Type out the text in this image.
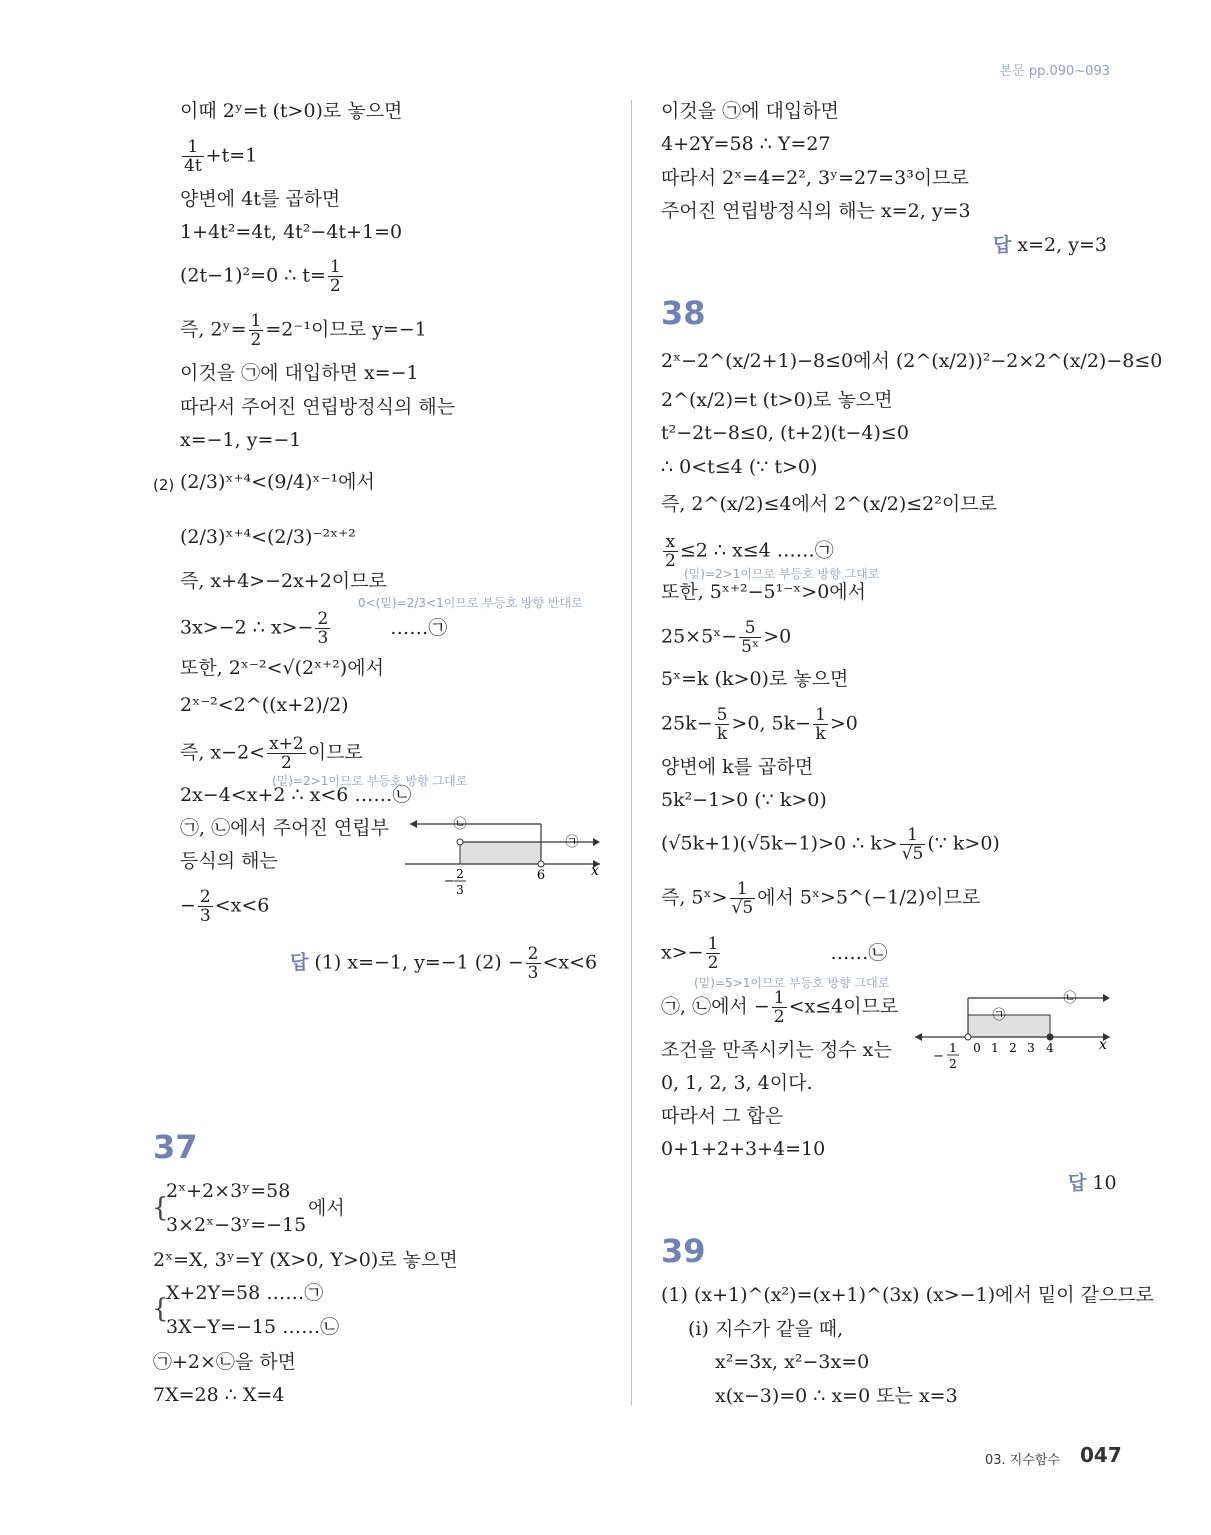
본문 pp.090~093
이때 2ʸ=t (t>0)로 놓으면
$\frac{1}{4t} +t=1$
양변에 4t를 곱하면
1+4t²=4t, 4t²−4t+1=0
(2t−1)²=0 ∴ $t= \frac{1}{2}$
즉, 2ʸ= $\frac{1}{2} =2^{-1}$이므로 y=−1
이것을 ㉠에 대입하면 x=−1
따라서 주어진 연립방정식의 해는
x=−1, y=−1
(2) (2/3)ˣ⁺⁴<(9/4)ˣ⁻¹에서
(2/3)ˣ⁺⁴<(2/3)⁻²ˣ⁺²
즉, x+4>−2x+2이므로
0<(밑)=2/3<1이므로 부등호 방향 반대로
3x>−2 ∴ $x>- \frac{2}{3}$	……㉠
또한, 2ˣ⁻²<√(2ˣ⁺²)에서
2ˣ⁻²<2^((x+2)/2)
즉, $x-2< \frac{x+2}{2}$ 이므로
(밑)=2>1이므로 부등호 방향 그대로
2x−4<x+2 ∴ x<6 ……㉡
㉠, ㉡에서 주어진 연립부
등식의 해는
− $\frac{2}{3} <x<6$
㉡
㉠
− 2
3
6	x
답 (1) x=−1, y=−1 $(2) - \frac{2}{3} <x<6$
37
{
2ˣ+2×3ʸ=58
3×2ˣ−3ʸ=−15
에서
2ˣ=X, 3ʸ=Y (X>0, Y>0)로 놓으면
{
X+2Y=58 ……㉠
3X−Y=−15 ……㉡
㉠+2×㉡을 하면
7X=28 ∴ X=4
이것을 ㉠에 대입하면
4+2Y=58 ∴ Y=27
따라서 2ˣ=4=2², 3ʸ=27=3³이므로
주어진 연립방정식의 해는 x=2, y=3
답 x=2, y=3
38
2ˣ−2^(x/2+1)−8≤0에서 (2^(x/2))²−2×2^(x/2)−8≤0
2^(x/2)=t (t>0)로 놓으면
t²−2t−8≤0, (t+2)(t−4)≤0
∴ 0<t≤4 (∵ t>0)
즉, 2^(x/2)≤4에서 2^(x/2)≤2²이므로
$\frac{x}{2} \le 2$ ∴ x≤4 ……㉠
(밑)=2>1이므로 부등호 방향 그대로
또한, 5ˣ⁺²−5¹⁻ˣ>0에서
25×5ˣ− $\frac{5}{\text{5ˣ}} >0$
5ˣ=k (k>0)로 놓으면
$25k- \frac{5}{k} >0$, $5k- \frac{1}{k} >0$
양변에 k를 곱하면
5k²−1>0 (∵ k>0)
(√5k+1)(√5k−1)>0 ∴ $k> \frac{1}{√5}$ (∵ k>0)
즉, 5ˣ> $\frac{1}{√5}$ 에서 5ˣ>5^(−1/2)이므로
$x>- \frac{1}{2}$	……㉡
(밑)=5>1이므로 부등호 방향 그대로
㉠, ㉡에서 − $\frac{1}{2} <x\le 4$이므로
조건을 만족시키는 정수 x는
0, 1, 2, 3, 4이다.
따라서 그 합은
0+1+2+3+4=10
㉡
㉠
0 1 2 3 4
−
1
2
x
답 10
39
(1) (x+1)^(x²)=(x+1)^(3x) (x>−1)에서 밑이 같으므로
(i) 지수가 같을 때,
x²=3x, x²−3x=0
x(x−3)=0 ∴ x=0 또는 x=3
03. 지수함수 047
